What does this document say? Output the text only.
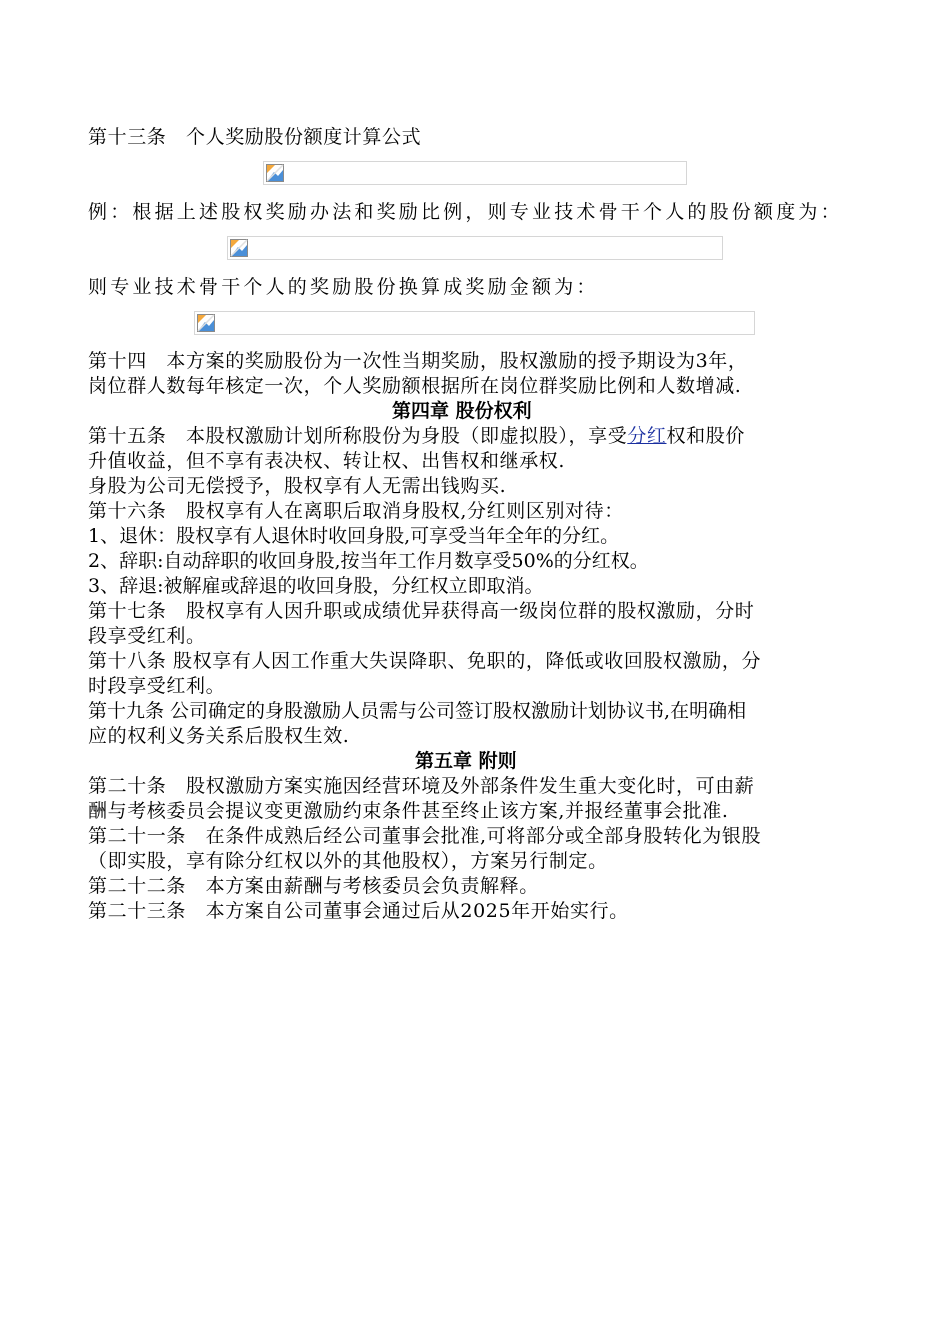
第十三条　个人奖励股份额度计算公式
例：根据上述股权奖励办法和奖励比例，则专业技术骨干个人的股份额度为：
则专业技术骨干个人的奖励股份换算成奖励金额为：
第十四　本方案的奖励股份为一次性当期奖励，股权激励的授予期设为3年，
岗位群人数每年核定一次，个人奖励额根据所在岗位群奖励比例和人数增减.
第四章 股份权利
第十五条　本股权激励计划所称股份为身股（即虚拟股），享受分红权和股价
升值收益，但不享有表决权、转让权、出售权和继承权.
身股为公司无偿授予，股权享有人无需出钱购买.
第十六条　股权享有人在离职后取消身股权,分红则区别对待：
1、退休：股权享有人退休时收回身股,可享受当年全年的分红。
2、辞职:自动辞职的收回身股,按当年工作月数享受50%的分红权。
3、辞退:被解雇或辞退的收回身股，分红权立即取消。
第十七条　股权享有人因升职或成绩优异获得高一级岗位群的股权激励，分时
段享受红利。
第十八条 股权享有人因工作重大失误降职、免职的，降低或收回股权激励，分
时段享受红利。
第十九条 公司确定的身股激励人员需与公司签订股权激励计划协议书,在明确相
应的权利义务关系后股权生效.
第五章 附则
第二十条　股权激励方案实施因经营环境及外部条件发生重大变化时，可由薪
酬与考核委员会提议变更激励约束条件甚至终止该方案,并报经董事会批准.
第二十一条　在条件成熟后经公司董事会批准,可将部分或全部身股转化为银股
（即实股，享有除分红权以外的其他股权），方案另行制定。
第二十二条　本方案由薪酬与考核委员会负责解释。
第二十三条　本方案自公司董事会通过后从2025年开始实行。
